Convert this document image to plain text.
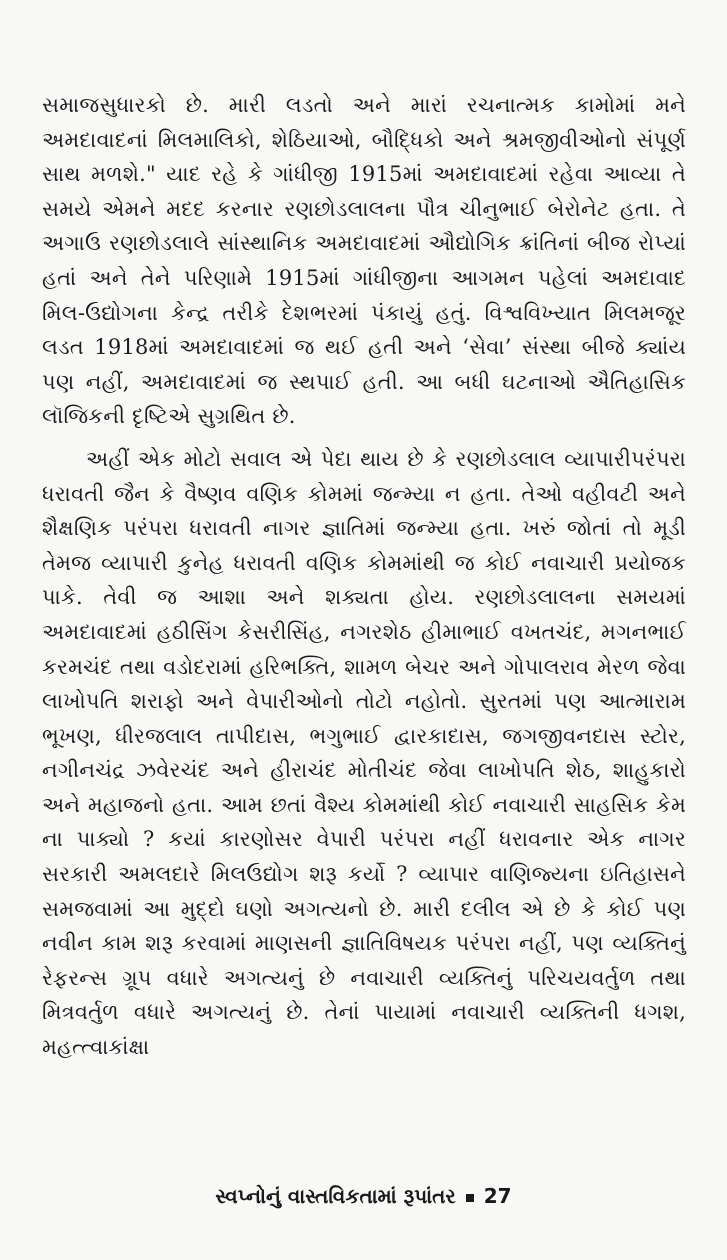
સમાજસુધારકો છે. મારી લડતો અને મારાં રચનાત્મક કામોમાં મને અમદાવાદનાં મિલમાલિકો, શેઠિયાઓ, બૌદ્ધિકો અને શ્રમજીવીઓનો સંપૂર્ણ સાથ મળશે." યાદ રહે કે ગાંધીજી 1915માં અમદાવાદમાં રહેવા આવ્યા તે સમયે એમને મદદ કરનાર રણછોડલાલના પૌત્ર ચીનુભાઈ બેરોનેટ હતા. તે અગાઉ રણછોડલાલે સાંસ્થાનિક અમદાવાદમાં ઔદ્યોગિક ક્રાંતિનાં બીજ રોપ્યાં હતાં અને તેને પરિણામે 1915માં ગાંધીજીના આગમન પહેલાં અમદાવાદ મિલ-ઉદ્યોગના કેન્દ્ર તરીકે દેશભરમાં પંકાયું હતું. વિશ્વવિખ્યાત મિલમજૂર લડત 1918માં અમદાવાદમાં જ થઈ હતી અને ‘સેવા’ સંસ્થા બીજે ક્યાંય પણ નહીં, અમદાવાદમાં જ સ્થપાઈ હતી. આ બધી ઘટનાઓ ઐતિહાસિક લૉજિકની દૃષ્ટિએ સુગ્રથિત છે.

અહીં એક મોટો સવાલ એ પેદા થાય છે કે રણછોડલાલ વ્યાપારીપરંપરા ધરાવતી જૈન કે વૈષ્ણવ વણિક કોમમાં જન્મ્યા ન હતા. તેઓ વહીવટી અને શૈક્ષણિક પરંપરા ધરાવતી નાગર જ્ઞાતિમાં જન્મ્યા હતા. ખરું જોતાં તો મૂડી તેમજ વ્યાપારી કુનેહ ધરાવતી વણિક કોમમાંથી જ કોઈ નવાચારી પ્રયોજક પાકે. તેવી જ આશા અને શક્યતા હોય. રણછોડલાલના સમયમાં અમદાવાદમાં હઠીસિંગ કેસરીસિંહ, નગરશેઠ હીમાભાઈ વખતચંદ, મગનભાઈ કરમચંદ તથા વડોદરામાં હરિભક્તિ, શામળ બેચર અને ગોપાલરાવ મેરળ જેવા લાખોપતિ શરાફો અને વેપારીઓનો તોટો નહોતો. સુરતમાં પણ આત્મારામ ભૂખણ, ધીરજલાલ તાપીદાસ, ભગુભાઈ દ્વારકાદાસ, જગજીવનદાસ સ્ટોર, નગીનચંદ્ર ઝવેરચંદ અને હીરાચંદ મોતીચંદ જેવા લાખોપતિ શેઠ, શાહુકારો અને મહાજનો હતા. આમ છતાં વૈશ્ય કોમમાંથી કોઈ નવાચારી સાહસિક કેમ ના પાક્યો ? કયાં કારણોસર વેપારી પરંપરા નહીં ધરાવનાર એક નાગર સરકારી અમલદારે મિલઉદ્યોગ શરૂ કર્યો ? વ્યાપાર વાણિજ્યના ઇતિહાસને સમજવામાં આ મુદ્દો ઘણો અગત્યનો છે. મારી દલીલ એ છે કે કોઈ પણ નવીન કામ શરૂ કરવામાં માણસની જ્ઞાતિવિષયક પરંપરા નહીં, પણ વ્યક્તિનું રેફરન્સ ગ્રૂપ વધારે અગત્યનું છે નવાચારી વ્યક્તિનું પરિચયવર્તુળ તથા મિત્રવર્તુળ વધારે અગત્યનું છે. તેનાં પાયામાં નવાચારી વ્યક્તિની ધગશ, મહત્ત્વાકાંક્ષા

સ્વપ્નોનું વાસ્તવિકતામાં રૂપાંતર 27
